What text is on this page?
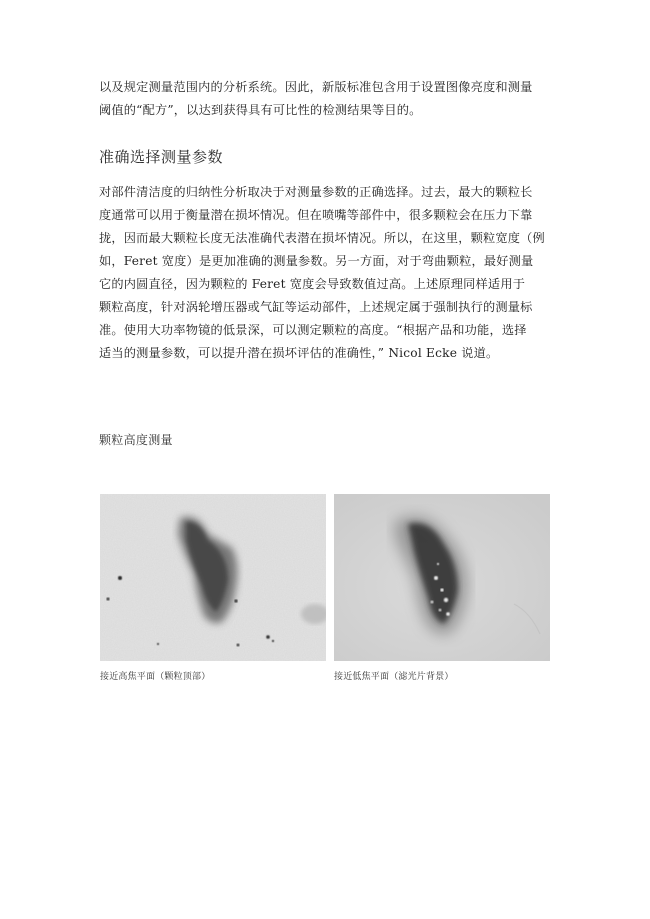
以及规定测量范围内的分析系统。因此，新版标准包含用于设置图像亮度和测量
阈值的“配方”，以达到获得具有可比性的检测结果等目的。
准确选择测量参数
对部件清洁度的归纳性分析取决于对测量参数的正确选择。过去，最大的颗粒长
度通常可以用于衡量潜在损坏情况。但在喷嘴等部件中，很多颗粒会在压力下靠
拢，因而最大颗粒长度无法准确代表潜在损坏情况。所以，在这里，颗粒宽度（例
如，Feret 宽度）是更加准确的测量参数。另一方面，对于弯曲颗粒，最好测量
它的内圆直径，因为颗粒的 Feret 宽度会导致数值过高。上述原理同样适用于
颗粒高度，针对涡轮增压器或气缸等运动部件，上述规定属于强制执行的测量标
准。使用大功率物镜的低景深，可以测定颗粒的高度。“根据产品和功能，选择
适当的测量参数，可以提升潜在损坏评估的准确性，” Nicol Ecke 说道。
颗粒高度测量
接近高焦平面（颗粒顶部）	接近低焦平面（滤光片背景）
